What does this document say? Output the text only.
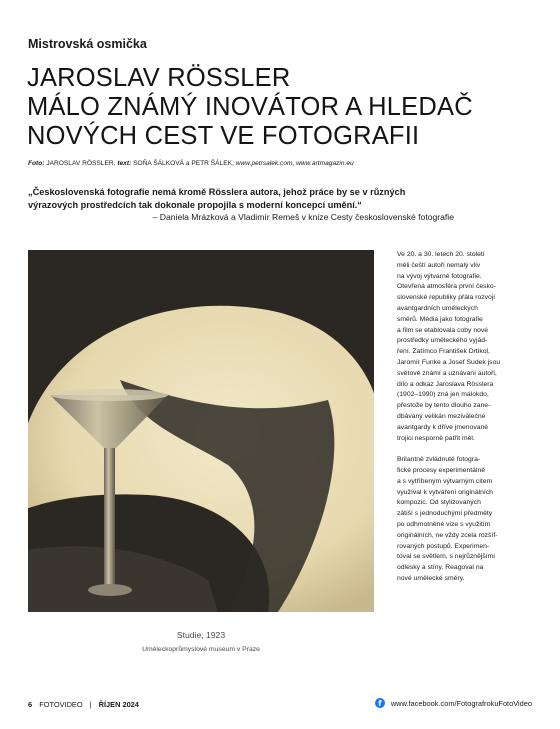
Mistrovská osmička
JAROSLAV RÖSSLER
MÁLO ZNÁMÝ INOVÁTOR A HLEDAČ
NOVÝCH CEST VE FOTOGRAFII
Foto: JAROSLAV RÖSSLER, text: SOŇA ŠÁLKOVÁ a PETR ŠÁLEK, www.petrsalek.com, www.artmagazin.eu
„Československá fotografie nemá kromě Rösslera autora, jehož práce by se v různých
výrazových prostředcích tak dokonale propojila s moderní koncepcí umění.“
– Daniela Mrázková a Vladimír Remeš v knize Cesty československé fotografie
Studie, 1923
Uměleckoprůmyslové museum v Praze

Ve 20. a 30. letech 20. století
měli čeští autoři nemalý vliv
na vývoj výtvarné fotografie.
Otevřená atmosféra první česko-
slovenské republiky přála rozvoji
avantgardních uměleckých
směrů. Média jako fotografie
a film se etablovala coby nové
prostředky uměleckého vyjád-
ření. Zatímco František Drtikol,
Jaromír Funke a Josef Sudek jsou
světově známí a uznávaní autoři,
dílo a odkaz Jaroslava Rösslera
(1902–1990) zná jen málokdo,
přestože by tento dlouho zane-
dbávaný velikán meziválečné
avantgardy k dříve jmenované
trojici nesporně patřit měl.

Brilantně zvládnuté fotogra-
fické procesy experimentálně
a s vytříbeným výtvarným citem
využíval k vytváření originálních
kompozic. Od stylizovaných
zátiší s jednoduchými předměty
po odhmotněné vize s využitím
originálních, ne vždy zcela rozšíf-
rovaných postupů. Experimen-
toval se světlem, s nejrůznějšími
odlesky a stíny. Reagoval na
nové umělecké směry.

6 FOTOVIDEO | ŘÍJEN 2024	f	www.facebook.com/FotografrokuFotoVideo
